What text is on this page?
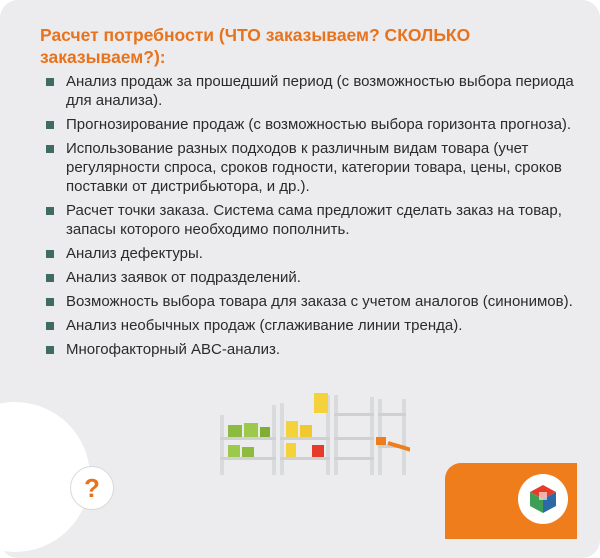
Расчет потребности (ЧТО заказываем? СКОЛЬКО заказываем?):
Анализ продаж за прошедший период (с возможностью выбора периода для анализа).
Прогнозирование продаж (с возможностью выбора горизонта прогноза).
Использование разных подходов к различным видам товара (учет регулярности спроса, сроков годности, категории товара, цены, сроков поставки от дистрибьютора, и др.).
Расчет точки заказа. Система сама предложит сделать заказ на товар, запасы которого необходимо пополнить.
Анализ дефектуры.
Анализ заявок от подразделений.
Возможность выбора товара для заказа с учетом аналогов (синонимов).
Анализ необычных продаж (сглаживание линии тренда).
Многофакторный ABC-анализ.
?
